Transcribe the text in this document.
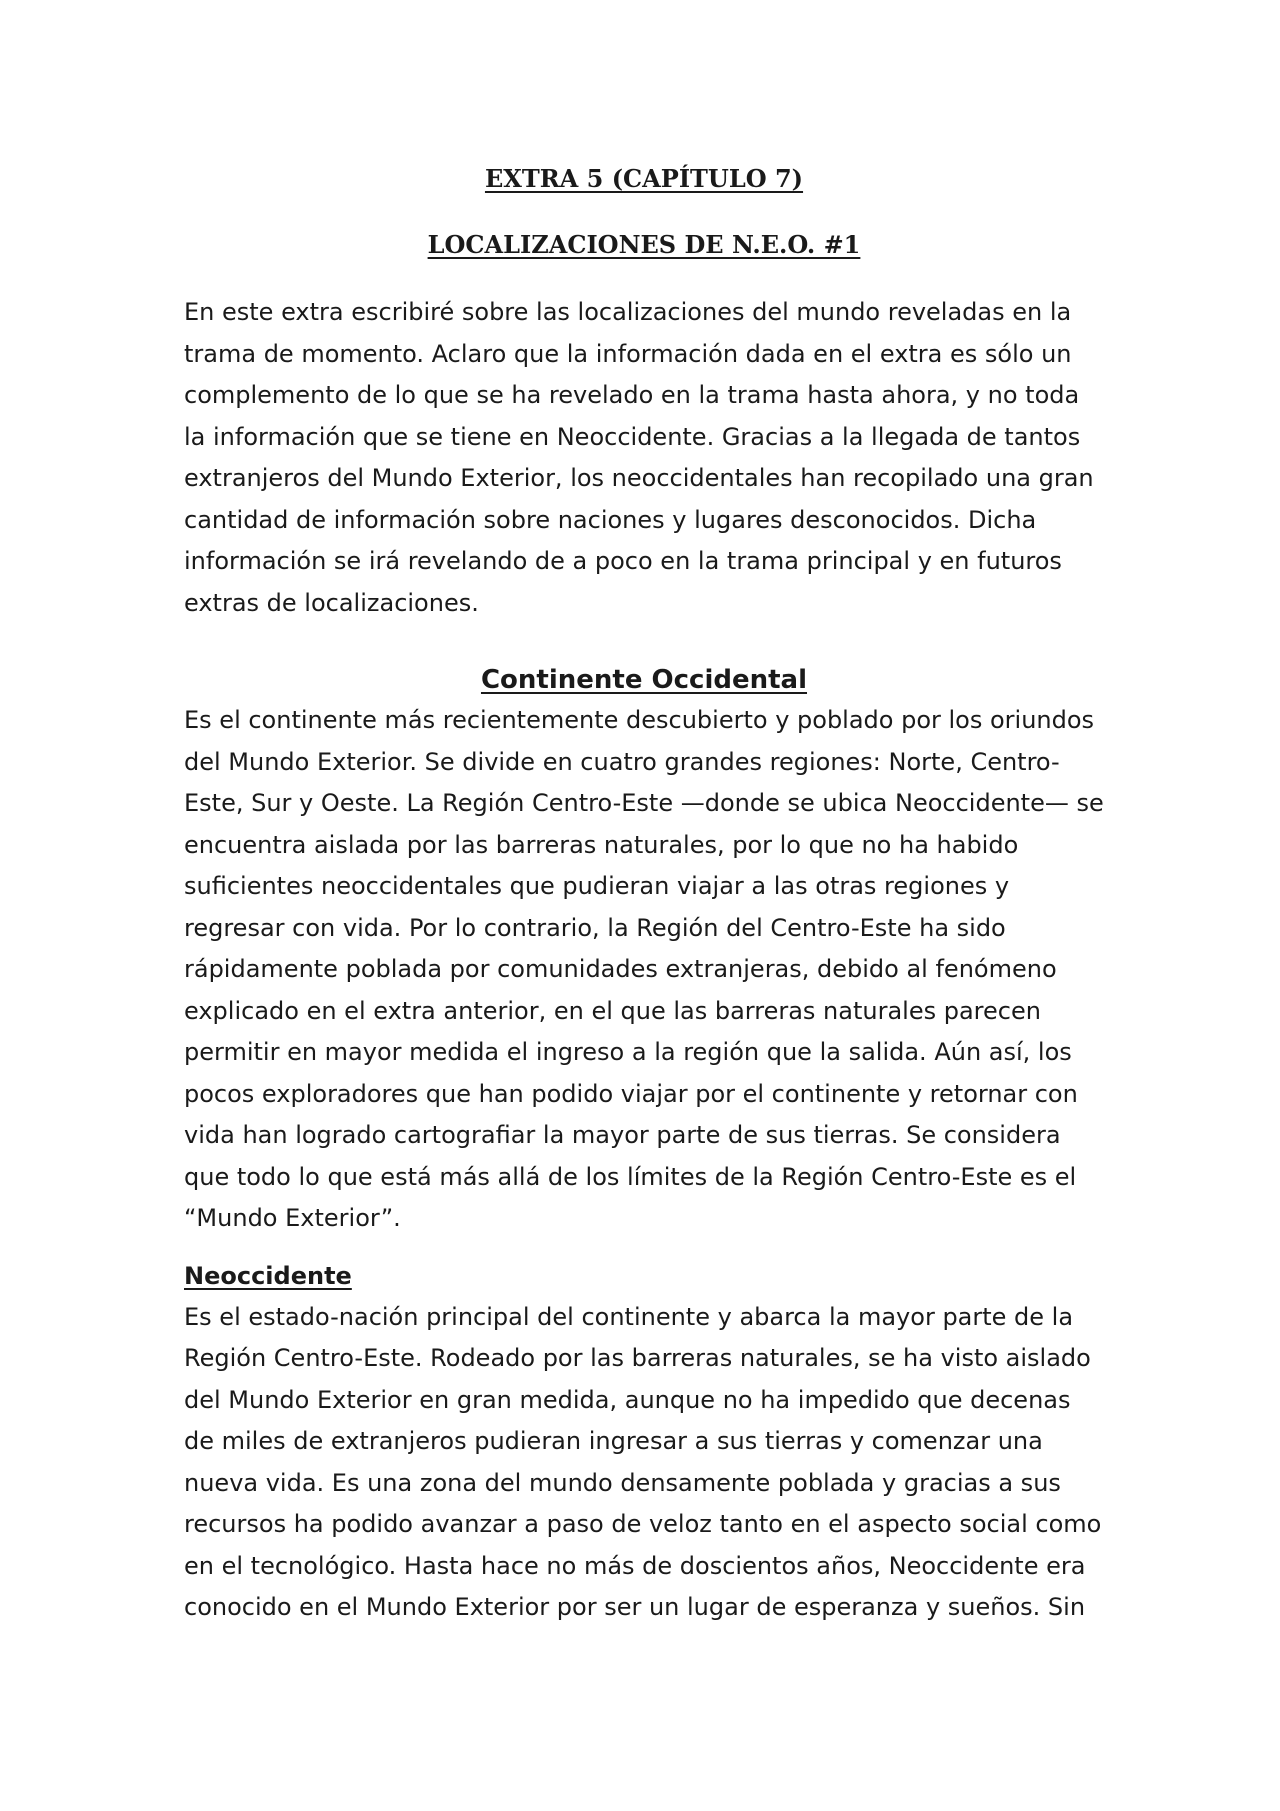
EXTRA 5 (CAPÍTULO 7)
LOCALIZACIONES DE N.E.O. #1

En este extra escribiré sobre las localizaciones del mundo reveladas en la trama de momento. Aclaro que la información dada en el extra es sólo un complemento de lo que se ha revelado en la trama hasta ahora, y no toda la información que se tiene en Neoccidente. Gracias a la llegada de tantos extranjeros del Mundo Exterior, los neoccidentales han recopilado una gran cantidad de información sobre naciones y lugares desconocidos. Dicha información se irá revelando de a poco en la trama principal y en futuros extras de localizaciones.

Continente Occidental

Es el continente más recientemente descubierto y poblado por los oriundos del Mundo Exterior. Se divide en cuatro grandes regiones: Norte, Centro-Este, Sur y Oeste. La Región Centro-Este —donde se ubica Neoccidente— se encuentra aislada por las barreras naturales, por lo que no ha habido suficientes neoccidentales que pudieran viajar a las otras regiones y regresar con vida. Por lo contrario, la Región del Centro-Este ha sido rápidamente poblada por comunidades extranjeras, debido al fenómeno explicado en el extra anterior, en el que las barreras naturales parecen permitir en mayor medida el ingreso a la región que la salida. Aún así, los pocos exploradores que han podido viajar por el continente y retornar con vida han logrado cartografiar la mayor parte de sus tierras. Se considera que todo lo que está más allá de los límites de la Región Centro-Este es el “Mundo Exterior”.

Neoccidente

Es el estado-nación principal del continente y abarca la mayor parte de la Región Centro-Este. Rodeado por las barreras naturales, se ha visto aislado del Mundo Exterior en gran medida, aunque no ha impedido que decenas de miles de extranjeros pudieran ingresar a sus tierras y comenzar una nueva vida. Es una zona del mundo densamente poblada y gracias a sus recursos ha podido avanzar a paso de veloz tanto en el aspecto social como en el tecnológico. Hasta hace no más de doscientos años, Neoccidente era conocido en el Mundo Exterior por ser un lugar de esperanza y sueños. Sin
